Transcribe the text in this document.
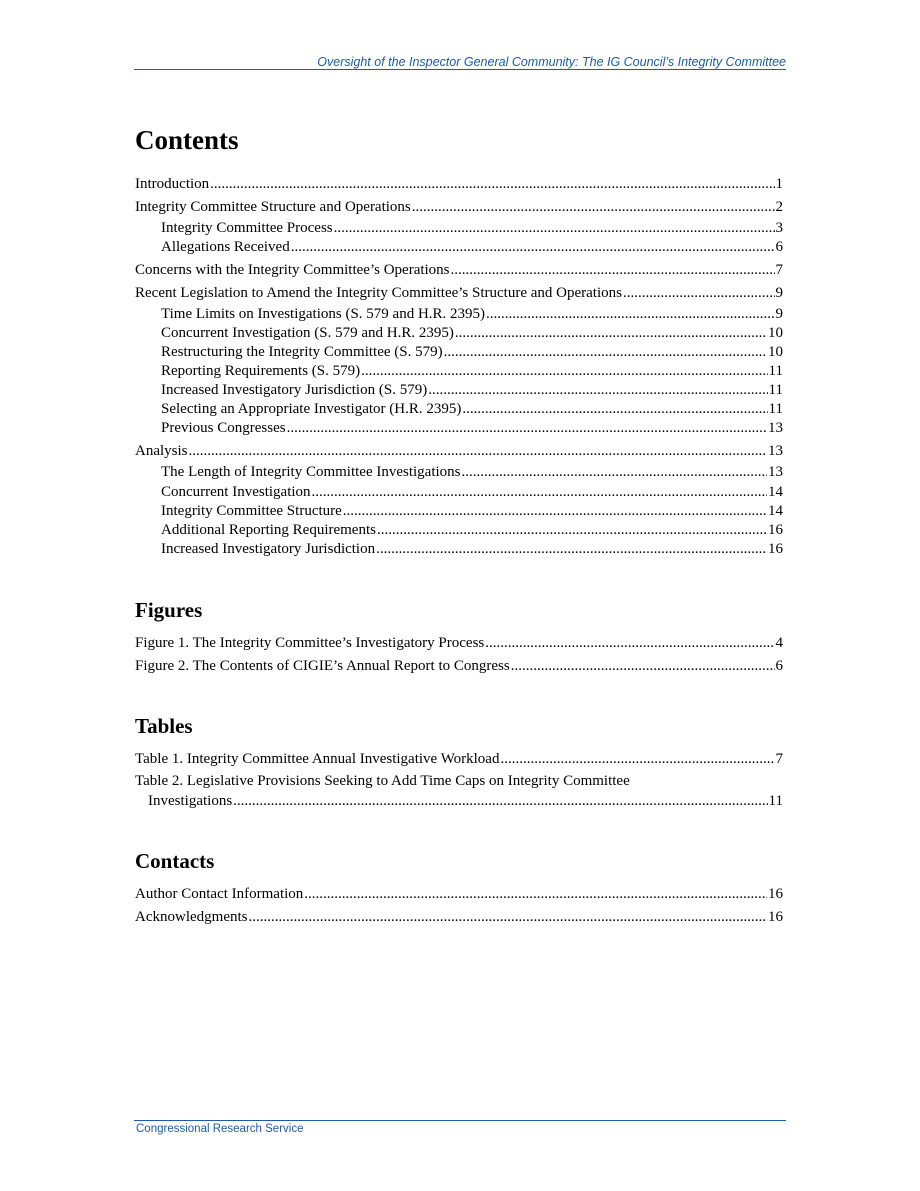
Oversight of the Inspector General Community: The IG Council’s Integrity Committee
Contents
Introduction .....	1
Integrity Committee Structure and Operations .....	2
Integrity Committee Process .....	3
Allegations Received .....	6
Concerns with the Integrity Committee’s Operations .....	7
Recent Legislation to Amend the Integrity Committee’s Structure and Operations .....	9
Time Limits on Investigations (S. 579 and H.R. 2395) .....	9
Concurrent Investigation (S. 579 and H.R. 2395) .....	10
Restructuring the Integrity Committee (S. 579) .....	10
Reporting Requirements (S. 579) .....	11
Increased Investigatory Jurisdiction (S. 579) .....	11
Selecting an Appropriate Investigator (H.R. 2395) .....	11
Previous Congresses .....	13
Analysis .....	13
The Length of Integrity Committee Investigations .....	13
Concurrent Investigation .....	14
Integrity Committee Structure .....	14
Additional Reporting Requirements .....	16
Increased Investigatory Jurisdiction .....	16
Figures
Figure 1. The Integrity Committee’s Investigatory Process .....	4
Figure 2. The Contents of CIGIE’s Annual Report to Congress .....	6
Tables
Table 1. Integrity Committee Annual Investigative Workload .....	7
Table 2. Legislative Provisions Seeking to Add Time Caps on Integrity Committee
Investigations .....	11
Contacts
Author Contact Information .....	16
Acknowledgments .....	16
Congressional Research Service
